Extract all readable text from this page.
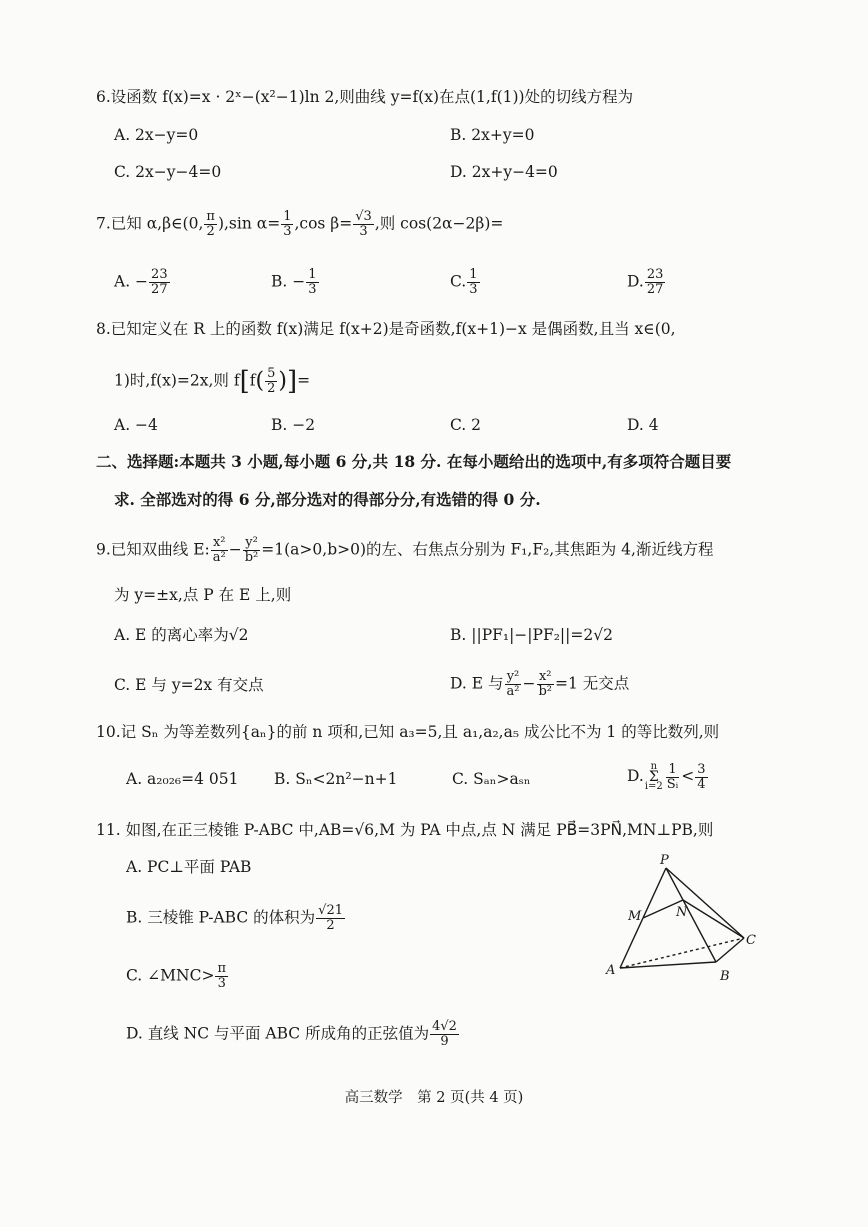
6.设函数 f(x)=x · 2ˣ−(x²−1)ln 2,则曲线 y=f(x)在点(1,f(1))处的切线方程为
A. 2x−y=0	B. 2x+y=0
C. 2x−y−4=0	D. 2x+y−4=0
7.已知 α,β∈(0, $\frac{\pi}{2} ),\sin$ $\alpha= \frac{1}{3} ,\cos$ $\beta= \frac{√3}{3}$ ,则 cos(2α−2β)=
A. − $\frac{23}{27}$	B. − $\frac{1}{3}$	C. $\frac{1}{3}$	D. $\frac{23}{27}$
8.已知定义在 R 上的函数 f(x)满足 f(x+2)是奇函数,f(x+1)−x 是偶函数,且当 x∈(0,
1)时,f(x)=2x,则 $f[f( \frac{5}{2}$ )]=
A. −4	B. −2	C. 2	D. 4
二、选择题:本题共 3 小题,每小题 6 分,共 18 分. 在每小题给出的选项中,有多项符合题目要
求. 全部选对的得 6 分,部分选对的得部分分,有选错的得 0 分.
9.已知双曲线 E: $\frac{\text{x²}}{\text{a²}} - \frac{\text{y²}}{\text{b²}} =1(a>0,b>0)$的左、右焦点分别为 F₁,F₂,其焦距为 4,渐近线方程
为 y=±x,点 P 在 E 上,则
A. E 的离心率为√2	B. ||PF₁|−|PF₂||=2√2
C. E 与 y=2x 有交点	D. E 与 $\frac{\text{y²}}{\text{a²}} - \frac{\text{x²}}{\text{b²}} =1$ 无交点
10.记 Sₙ 为等差数列{aₙ}的前 n 项和,已知 a₃=5,且 a₁,a₂,a₅ 成公比不为 1 的等比数列,则
A. a₂₀₂₆=4 051 B. Sₙ<2n²−n+1	C. Sₐₙ>aₛₙ	D.
n
Σ
$i=2 \frac{1}{\text{Sᵢ}} < \frac{3}{4}$
11. 如图,在正三棱锥 P-ABC 中,AB=√6,M 为 PA 中点,点 N 满足 PB⃗=3PN⃗,MN⊥PB,则
A. PC⊥平面 PAB
B. 三棱锥 P-ABC 的体积为 $\frac{√21}{2}$
C. ∠MNC> $\frac{\pi}{3}$
D. 直线 NC 与平面 ABC 所成角的正弦值为 $\frac{4√2}{9}$
P
M	N
A	B
C
高三数学　第 2 页(共 4 页)
